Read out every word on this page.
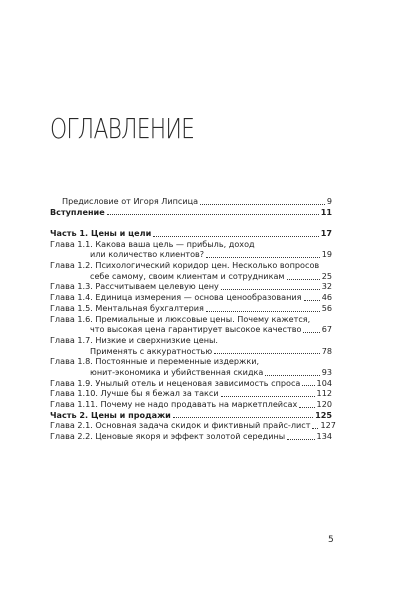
ОГЛАВЛЕНИЕ
Предисловие от Игоря Липсица	9
Вступление	11
Часть 1. Цены и цели	17
Глава 1.1. Какова ваша цель — прибыль, доход
или количество клиентов?	19
Глава 1.2. Психологический коридор цен. Несколько вопросов
себе самому, своим клиентам и сотрудникам	25
Глава 1.3. Рассчитываем целевую цену	32
Глава 1.4. Единица измерения — основа ценообразования 46
Глава 1.5. Ментальная бухгалтерия	56
Глава 1.6. Премиальные и люксовые цены. Почему кажется,
что высокая цена гарантирует высокое качество	67
Глава 1.7. Низкие и сверхнизкие цены.
Применять с аккуратностью	78
Глава 1.8. Постоянные и переменные издержки,
юнит-экономика и убийственная скидка	93
Глава 1.9. Унылый отель и неценовая зависимость спроса 104
Глава 1.10. Лучше бы я бежал за такси	112
Глава 1.11. Почему не надо продавать на маркетплейсах 120
Часть 2. Цены и продажи	125
Глава 2.1. Основная задача скидок и фиктивный прайс-лист 127
Глава 2.2. Ценовые якоря и эффект золотой середины	134
5
